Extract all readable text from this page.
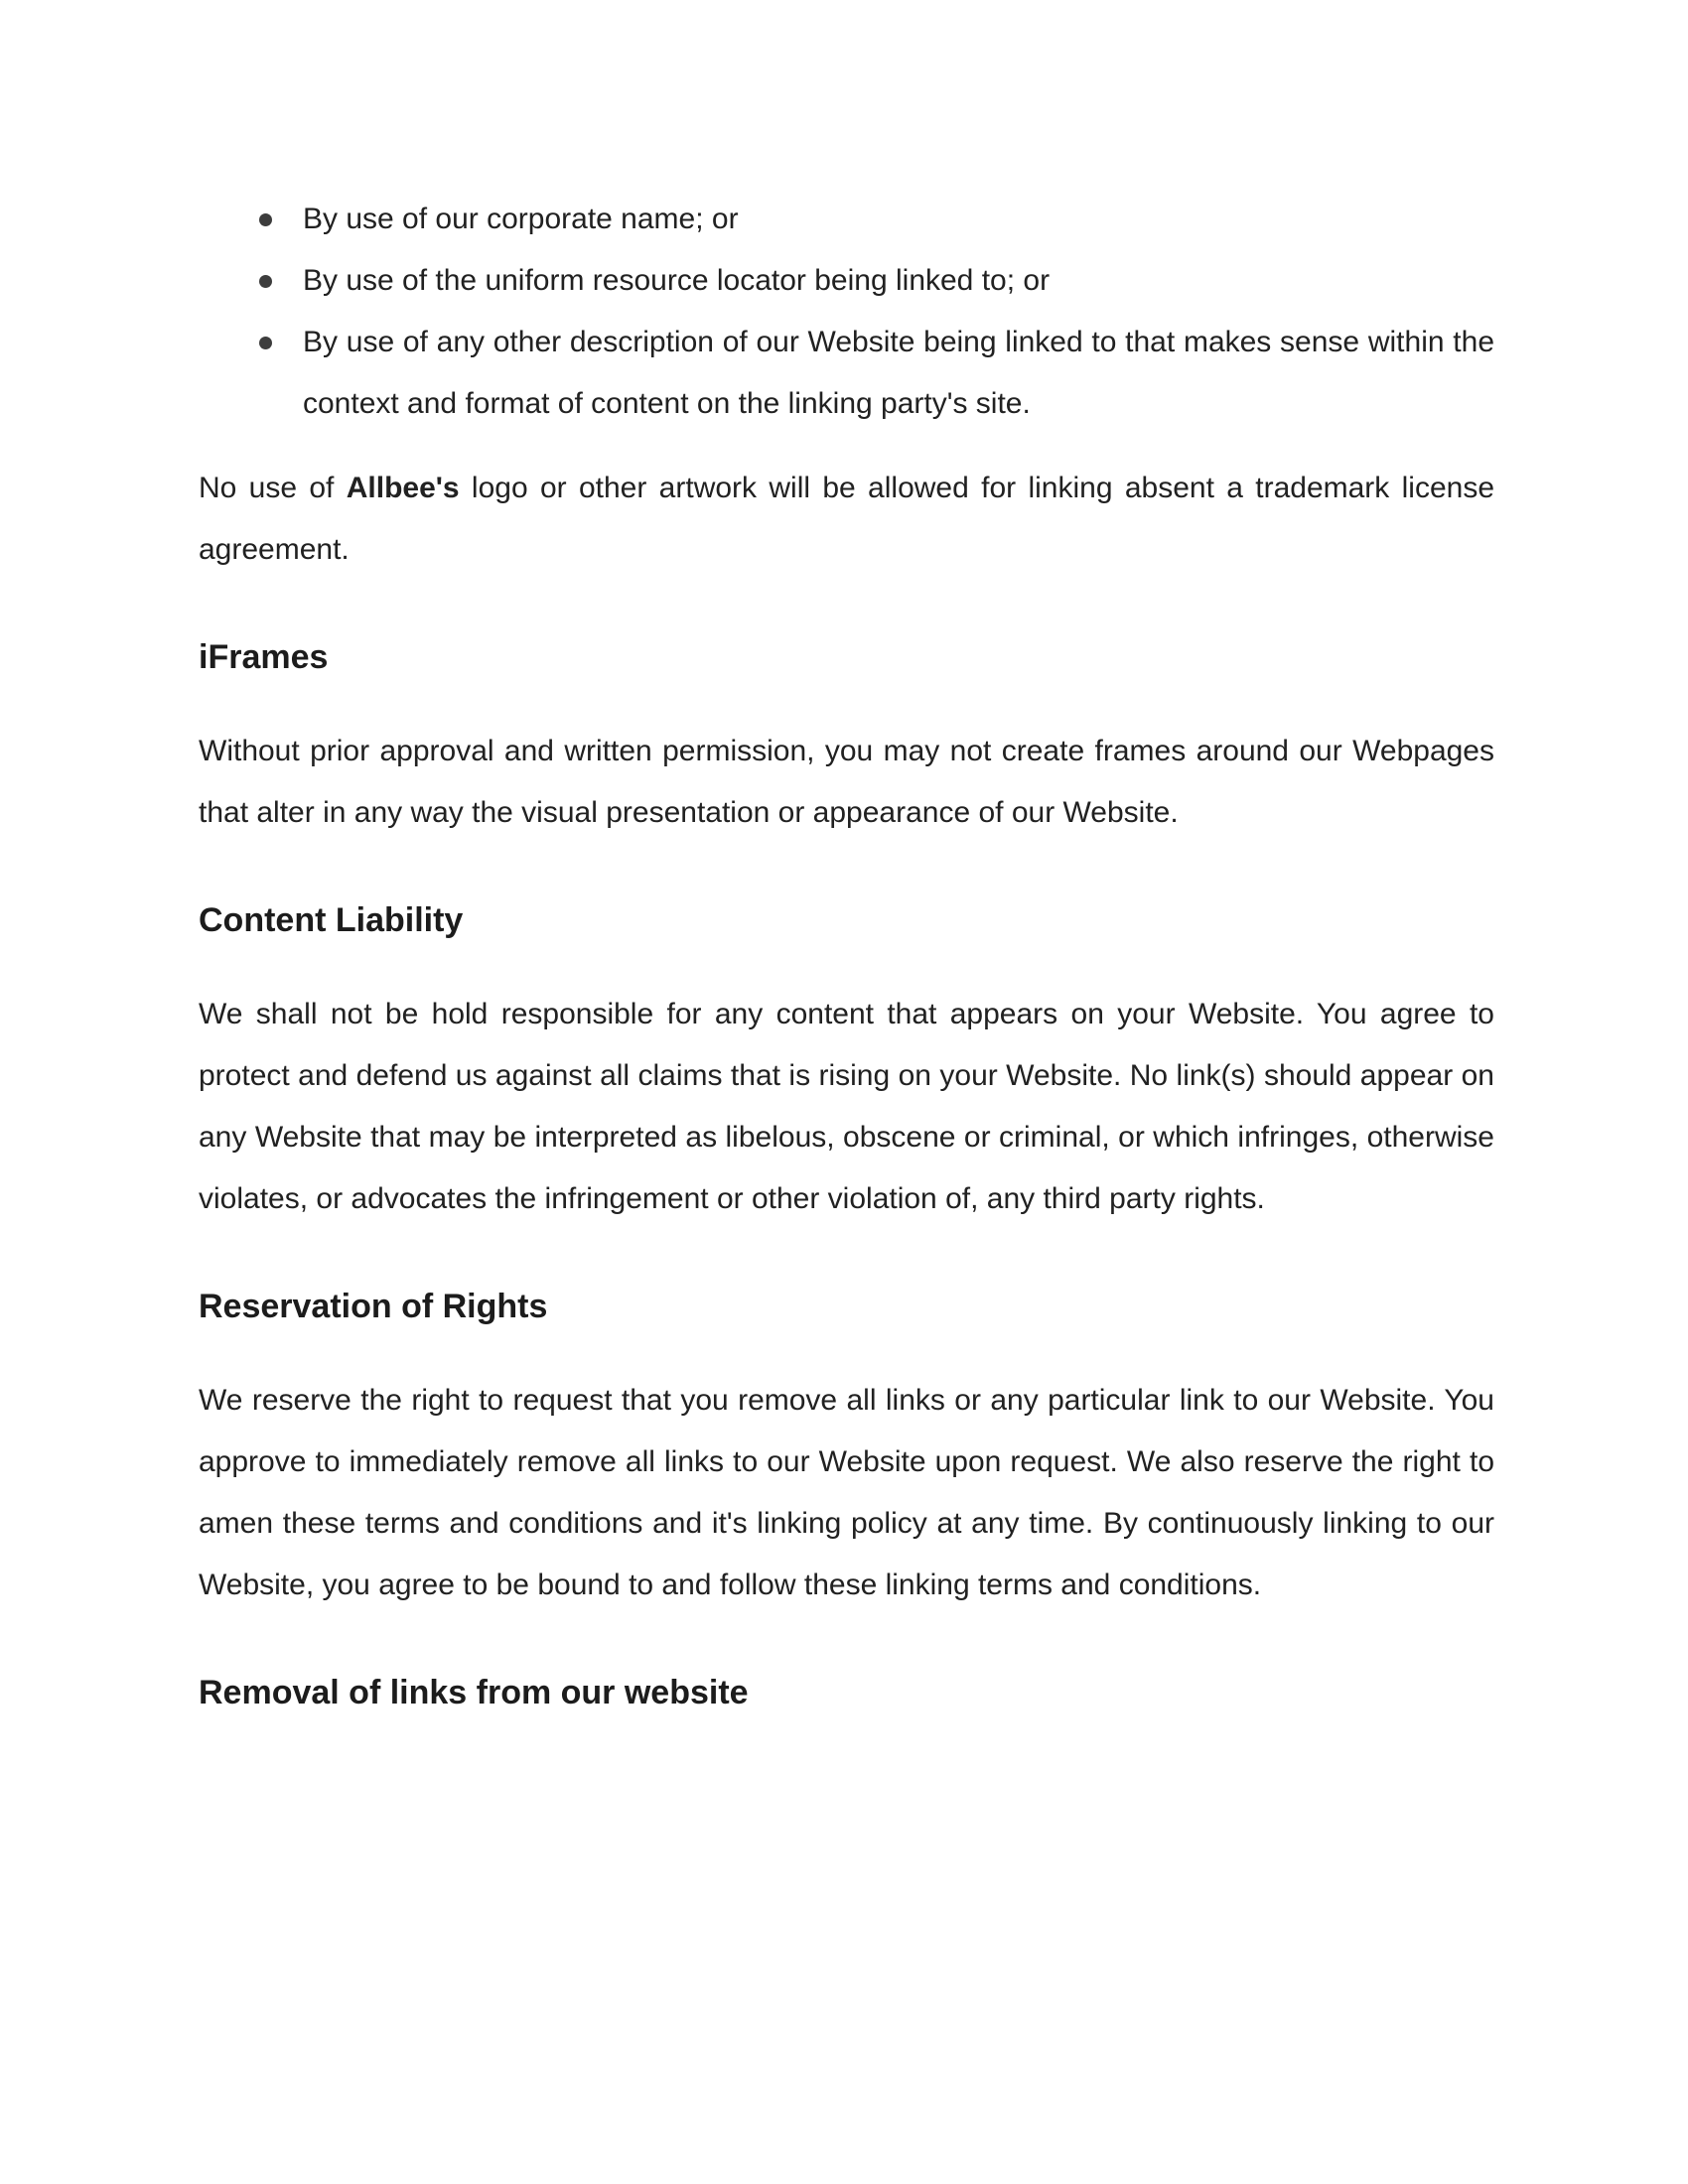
By use of our corporate name; or
By use of the uniform resource locator being linked to; or
By use of any other description of our Website being linked to that makes sense within the context and format of content on the linking party's site.

No use of Allbee's logo or other artwork will be allowed for linking absent a trademark license agreement.

iFrames

Without prior approval and written permission, you may not create frames around our Webpages that alter in any way the visual presentation or appearance of our Website.

Content Liability

We shall not be hold responsible for any content that appears on your Website. You agree to protect and defend us against all claims that is rising on your Website. No link(s) should appear on any Website that may be interpreted as libelous, obscene or criminal, or which infringes, otherwise violates, or advocates the infringement or other violation of, any third party rights.

Reservation of Rights

We reserve the right to request that you remove all links or any particular link to our Website. You approve to immediately remove all links to our Website upon request. We also reserve the right to amen these terms and conditions and it's linking policy at any time. By continuously linking to our Website, you agree to be bound to and follow these linking terms and conditions.

Removal of links from our website
